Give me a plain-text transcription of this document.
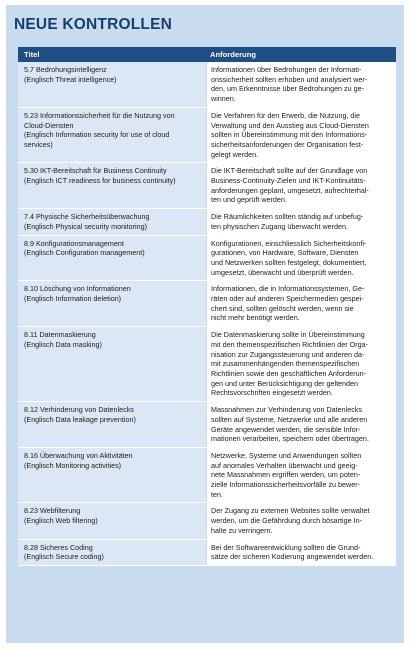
NEUE KONTROLLEN
Titel	Anforderung
5.7 Bedrohungsintelligenz
(Englisch Threat intelligence)
Informationen über Bedrohungen der Informati-
onssicherheit sollten erhoben und analysiert wer-
den, um Erkenntnisse über Bedrohungen zu ge-
winnen.
5.23 Informationssicherheit für die Nutzung von
Cloud-Diensten
(Englisch Information security for use of cloud
services)
Die Verfahren für den Erwerb, die Nutzung, die
Verwaltung und den Ausstieg aus Cloud-Diensten
sollten in Übereinstimmung mit den Informations-
sicherheitsanforderungen der Organisation fest-
gelegt werden.
5.30 IKT-Bereitschaft für Business Continuity
(Englisch ICT readiness for business continuity)
Die IKT-Bereitschaft sollte auf der Grundlage von
Business-Continuity-Zielen und IKT-Kontinuitäts-
anforderungen geplant, umgesetzt, aufrechterhal-
ten und geprüft werden.
7.4 Physische Sicherheitsüberwachung
(Englisch Physical security monitoring)
Die Räumlichkeiten sollten ständig auf unbefug-
ten physischen Zugang überwacht werden.
8.9 Konfigurationsmanagement
(Englisch Configuration management)
Konfigurationen, einschliesslich Sicherheitskonfi-
gurationen, von Hardware, Software, Diensten
und Netzwerken sollten festgelegt, dokumentiert,
umgesetzt, überwacht und überprüft werden.
8.10 Löschung von Informationen
(Englisch Information deletion)
Informationen, die in Informationssystemen, Ge-
räten oder auf anderen Speichermedien gespei-
chert sind, sollten gelöscht werden, wenn sie
nicht mehr benötigt werden.
8.11 Datenmaskierung
(Englisch Data masking)
Die Datenmaskierung sollte in Übereinstimmung
mit den themenspezifischen Richtlinien der Orga-
nisation zur Zugangssteuerung und anderen da-
mit zusammenhängenden themenspezifischen
Richtlinien sowie den geschäftlichen Anforderun-
gen und unter Berücksichtigung der geltenden
Rechtsvorschriften eingesetzt werden.
8.12 Verhinderung von Datenlecks
(Englisch Data leakage prevention)
Massnahmen zur Verhinderung von Datenlecks
sollten auf Systeme, Netzwerke und alle anderen
Geräte angewendet werden, die sensible Infor-
mationen verarbeiten, speichern oder übertragen.
8.16 Überwachung von Aktivitäten
(Englisch Monitoring activities)
Netzwerke, Systeme und Anwendungen sollten
auf anomales Verhalten überwacht und geeig-
nete Massnahmen ergriffen werden, um poten-
zielle Informationssicherheitsvorfälle zu bewer-
ten.
8.23 Webfilterung
(Englisch Web filtering)
Der Zugang zu externen Websites sollte verwaltet
werden, um die Gefährdung durch bösartige In-
halte zu verringern.
8.28 Sicheres Coding
(Englisch Secure coding)
Bei der Softwareentwicklung sollten die Grund-
sätze der sicheren Kodierung angewendet werden.
